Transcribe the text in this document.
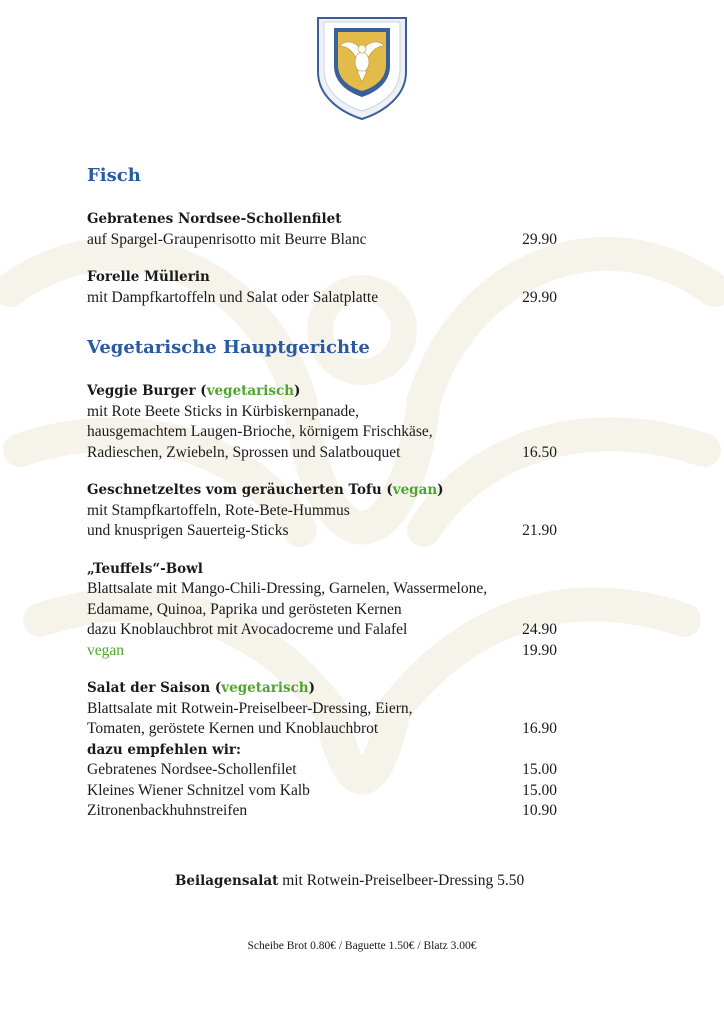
Fisch
Gebratenes Nordsee-Schollenfilet
auf Spargel-Graupenrisotto mit Beurre Blanc	29.90
Forelle Müllerin
mit Dampfkartoffeln und Salat oder Salatplatte	29.90
Vegetarische Hauptgerichte
Veggie Burger (vegetarisch)
mit Rote Beete Sticks in Kürbiskernpanade,
hausgemachtem Laugen-Brioche, körnigem Frischkäse,
Radieschen, Zwiebeln, Sprossen und Salatbouquet	16.50
Geschnetzeltes vom geräucherten Tofu (vegan)
mit Stampfkartoffeln, Rote-Bete-Hummus
und knusprigen Sauerteig-Sticks	21.90
„Teuffels“-Bowl
Blattsalate mit Mango-Chili-Dressing, Garnelen, Wassermelone,
Edamame, Quinoa, Paprika und gerösteten Kernen
dazu Knoblauchbrot mit Avocadocreme und Falafel	24.90
vegan	19.90
Salat der Saison (vegetarisch)
Blattsalate mit Rotwein-Preiselbeer-Dressing, Eiern,
Tomaten, geröstete Kernen und Knoblauchbrot	16.90
dazu empfehlen wir:
Gebratenes Nordsee-Schollenfilet	15.00
Kleines Wiener Schnitzel vom Kalb	15.00
Zitronenbackhuhnstreifen	10.90
Beilagensalat mit Rotwein-Preiselbeer-Dressing 5.50
Scheibe Brot 0.80€ / Baguette 1.50€ / Blatz 3.00€
